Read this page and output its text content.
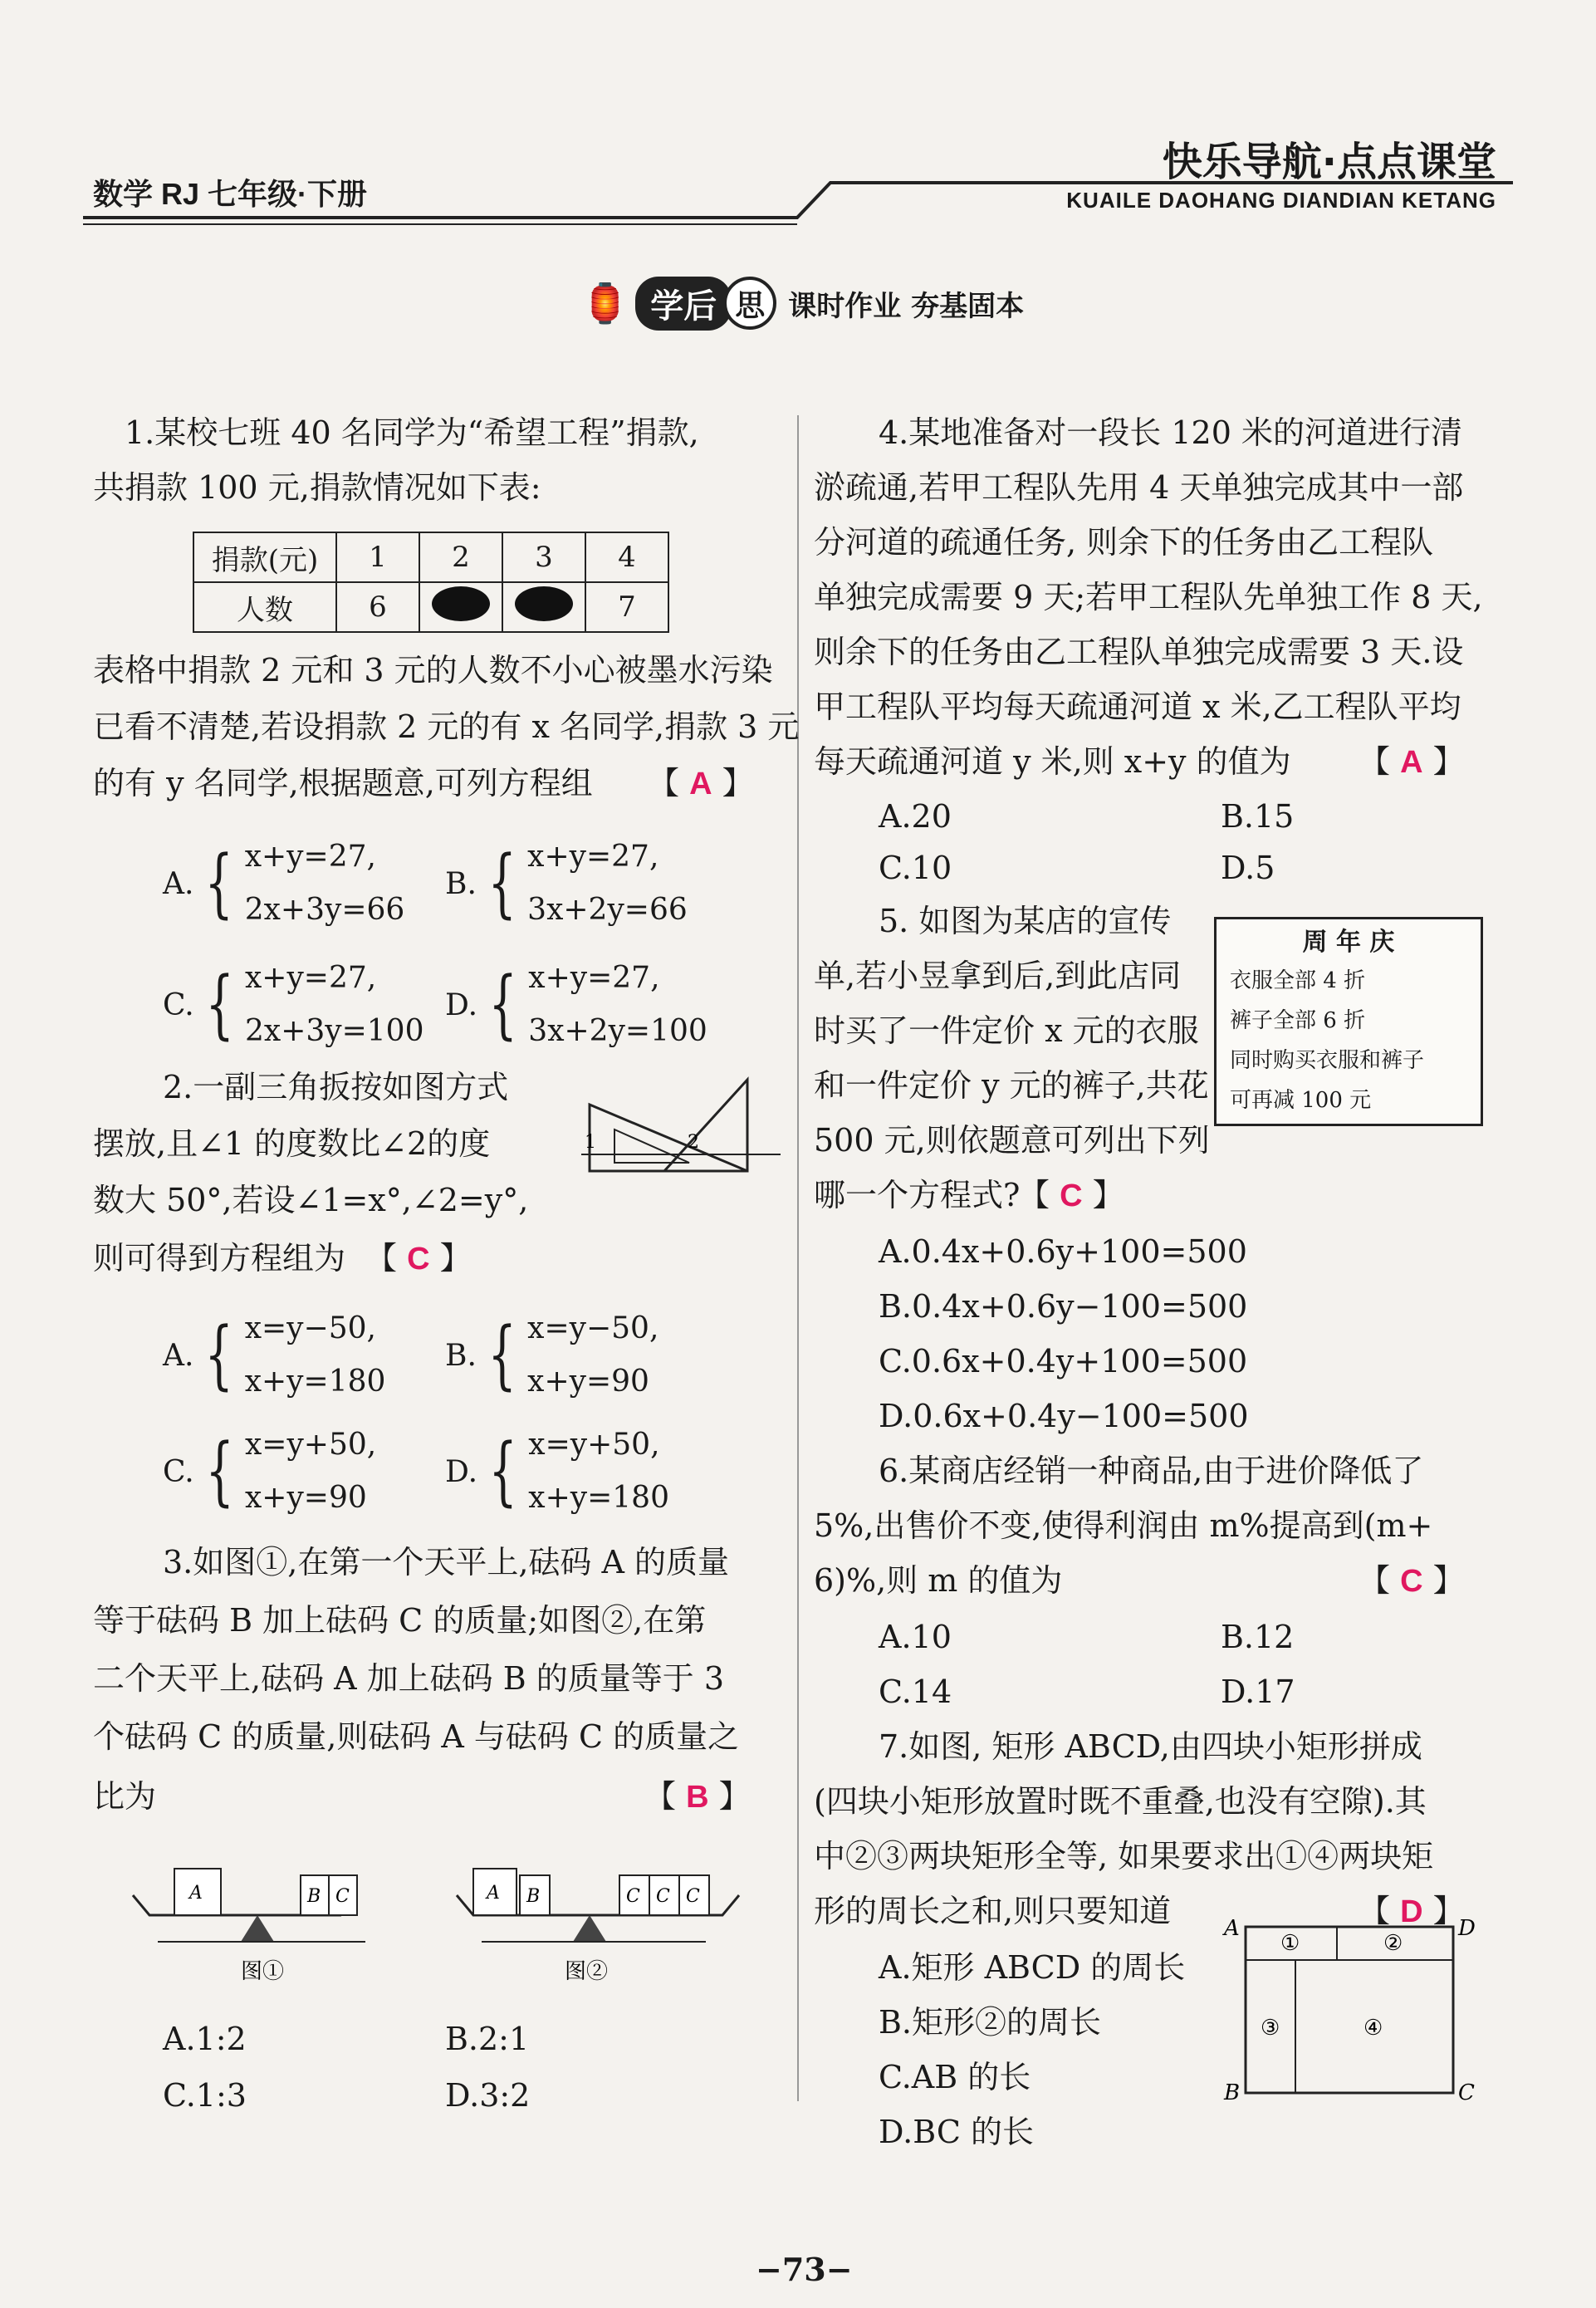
数学 RJ 七年级·下册
快乐导航·点点课堂
KUAILE DAOHANG DIANDIAN KETANG
🏮 学后 思 课时作业 夯基固本
1.某校七班 40 名同学为“希望工程”捐款,
共捐款 100 元,捐款情况如下表:
捐款(元)	1	2	3	4
人数	6			7
表格中捐款 2 元和 3 元的人数不小心被墨水污染
已看不清楚,若设捐款 2 元的有 x 名同学,捐款 3 元
的有 y 名同学,根据题意,可列方程组 【 A 】
A. { x+y=27,
2x+3y=66
B. { x+y=27,
3x+2y=66
C. { x+y=27,
2x+3y=100
D. { x+y=27,
3x+2y=100
2.一副三角扳按如图方式
摆放,且∠1 的度数比∠2的度
数大 50°,若设∠1=x°,∠2=y°,
则可得到方程组为 【 C 】
1	2
A. { x=y−50,
x+y=180
B. { x=y−50,
x+y=90
C. { x=y+50,
x+y=90
D. { x=y+50,
x+y=180
3.如图①,在第一个天平上,砝码 A 的质量
等于砝码 B 加上砝码 C 的质量;如图②,在第
二个天平上,砝码 A 加上砝码 B 的质量等于 3
个砝码 C 的质量,则砝码 A 与砝码 C 的质量之
比为	【 B 】
A	B C
图①
A B	C C C
图②
A.1:2	B.2:1
C.1:3	D.3:2
4.某地准备对一段长 120 米的河道进行清
淤疏通,若甲工程队先用 4 天单独完成其中一部
分河道的疏通任务, 则余下的任务由乙工程队
单独完成需要 9 天;若甲工程队先单独工作 8 天,
则余下的任务由乙工程队单独完成需要 3 天.设
甲工程队平均每天疏通河道 x 米,乙工程队平均
每天疏通河道 y 米,则 x+y 的值为 【 A 】
A.20	B.15
C.10	D.5
5. 如图为某店的宣传
单,若小昱拿到后,到此店同
时买了一件定价 x 元的衣服
和一件定价 y 元的裤子,共花
500 元,则依题意可列出下列
哪一个方程式?
【 C 】
周 年 庆
衣服全部 4 折
裤子全部 6 折
同时购买衣服和裤子
可再减 100 元
A.0.4x+0.6y+100=500
B.0.4x+0.6y−100=500
C.0.6x+0.4y+100=500
D.0.6x+0.4y−100=500
6.某商店经销一种商品,由于进价降低了
5%,出售价不变,使得利润由 m%提高到(m+
6)%,则 m 的值为	【 C 】
A.10	B.12
C.14	D.17
7.如图, 矩形 ABCD,由四块小矩形拼成
(四块小矩形放置时既不重叠,也没有空隙).其
中②③两块矩形全等, 如果要求出①④两块矩
形的周长之和,则只要知道	【 D 】
A.矩形 ABCD 的周长
B.矩形②的周长
C.AB 的长
D.BC 的长
A	D
B	C
①	②
③	④
−73−
